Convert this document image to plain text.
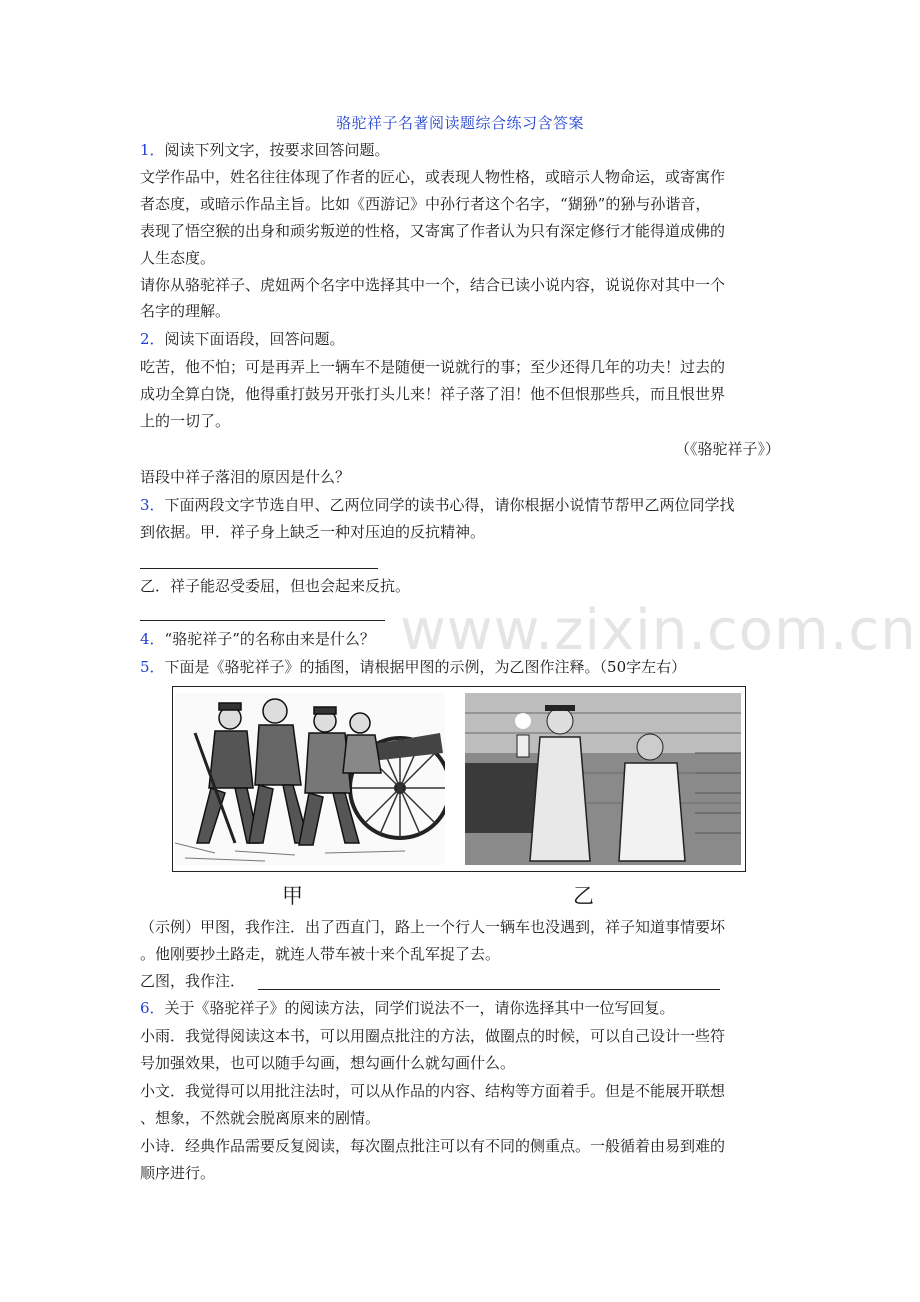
www.zixin.com.cn
骆驼祥子名著阅读题综合练习含答案
1．阅读下列文字，按要求回答问题。
文学作品中，姓名往往体现了作者的匠心，或表现人物性格，或暗示人物命运，或寄寓作
者态度，或暗示作品主旨。比如《西游记》中孙行者这个名字，“猢狲”的狲与孙谐音，
表现了悟空猴的出身和顽劣叛逆的性格，又寄寓了作者认为只有深定修行才能得道成佛的
人生态度。
请你从骆驼祥子、虎妞两个名字中选择其中一个，结合已读小说内容，说说你对其中一个
名字的理解。
2．阅读下面语段，回答问题。
吃苦，他不怕；可是再弄上一辆车不是随便一说就行的事；至少还得几年的功夫！过去的
成功全算白饶，他得重打鼓另开张打头儿来！祥子落了泪！他不但恨那些兵，而且恨世界
上的一切了。
（《骆驼祥子》）
语段中祥子落泪的原因是什么？
3．下面两段文字节选自甲、乙两位同学的读书心得，请你根据小说情节帮甲乙两位同学找
到依据。甲．祥子身上缺乏一种对压迫的反抗精神。
乙．祥子能忍受委屈，但也会起来反抗。
4．“骆驼祥子”的名称由来是什么？
5．下面是《骆驼祥子》的插图，请根据甲图的示例，为乙图作注释。（50字左右）
甲	乙
（示例）甲图，我作注．出了西直门，路上一个行人一辆车也没遇到，祥子知道事情要坏
。他刚要抄土路走，就连人带车被十来个乱军捉了去。
乙图，我作注．
6．关于《骆驼祥子》的阅读方法，同学们说法不一，请你选择其中一位写回复。
小雨．我觉得阅读这本书，可以用圈点批注的方法，做圈点的时候，可以自己设计一些符
号加强效果，也可以随手勾画，想勾画什么就勾画什么。
小文．我觉得可以用批注法时，可以从作品的内容、结构等方面着手。但是不能展开联想
、想象，不然就会脱离原来的剧情。
小诗．经典作品需要反复阅读，每次圈点批注可以有不同的侧重点。一般循着由易到难的
顺序进行。
